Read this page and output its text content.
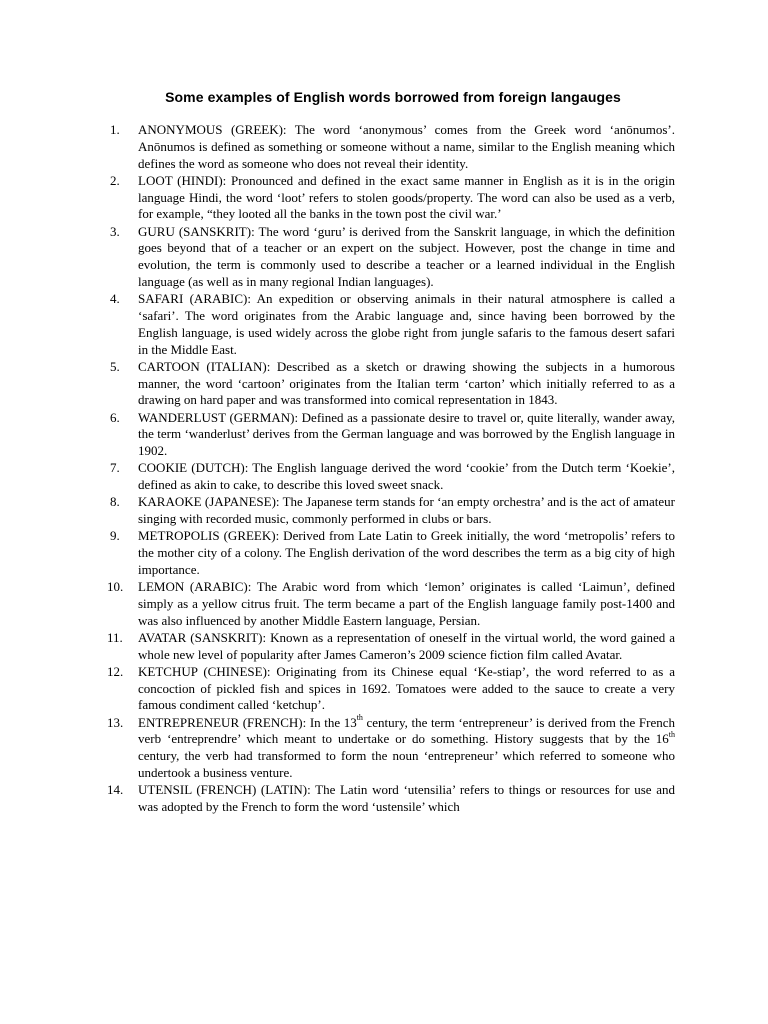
Some examples of English words borrowed from foreign langauges
1.	ANONYMOUS (GREEK): The word ‘anonymous’ comes from the Greek word ‘anōnumos’. Anōnumos is defined as something or someone without a name, similar to the English meaning which defines the word as someone who does not reveal their identity.
2.	LOOT (HINDI): Pronounced and defined in the exact same manner in English as it is in the origin language Hindi, the word ‘loot’ refers to stolen goods/property. The word can also be used as a verb, for example, “they looted all the banks in the town post the civil war.’
3.	GURU (SANSKRIT): The word ‘guru’ is derived from the Sanskrit language, in which the definition goes beyond that of a teacher or an expert on the subject. However, post the change in time and evolution, the term is commonly used to describe a teacher or a learned individual in the English language (as well as in many regional Indian languages).
4.	SAFARI (ARABIC): An expedition or observing animals in their natural atmosphere is called a ‘safari’. The word originates from the Arabic language and, since having been borrowed by the English language, is used widely across the globe right from jungle safaris to the famous desert safari in the Middle East.
5.	CARTOON (ITALIAN): Described as a sketch or drawing showing the subjects in a humorous manner, the word ‘cartoon’ originates from the Italian term ‘carton’ which initially referred to as a drawing on hard paper and was transformed into comical representation in 1843.
6.	WANDERLUST (GERMAN): Defined as a passionate desire to travel or, quite literally, wander away, the term ‘wanderlust’ derives from the German language and was borrowed by the English language in 1902.
7.	COOKIE (DUTCH): The English language derived the word ‘cookie’ from the Dutch term ‘Koekie’, defined as akin to cake, to describe this loved sweet snack.
8.	KARAOKE (JAPANESE): The Japanese term stands for ‘an empty orchestra’ and is the act of amateur singing with recorded music, commonly performed in clubs or bars.
9.	METROPOLIS (GREEK): Derived from Late Latin to Greek initially, the word ‘metropolis’ refers to the mother city of a colony. The English derivation of the word describes the term as a big city of high importance.
10.	LEMON (ARABIC): The Arabic word from which ‘lemon’ originates is called ‘Laimun’, defined simply as a yellow citrus fruit. The term became a part of the English language family post-1400 and was also influenced by another Middle Eastern language, Persian.
11.	AVATAR (SANSKRIT): Known as a representation of oneself in the virtual world, the word gained a whole new level of popularity after James Cameron’s 2009 science fiction film called Avatar.
12.	KETCHUP (CHINESE): Originating from its Chinese equal ‘Ke-stiap’, the word referred to as a concoction of pickled fish and spices in 1692. Tomatoes were added to the sauce to create a very famous condiment called ‘ketchup’.
13.	ENTREPRENEUR (FRENCH): In the 13th century, the term ‘entrepreneur’ is derived from the French verb ‘entreprendre’ which meant to undertake or do something. History suggests that by the 16th century, the verb had transformed to form the noun ‘entrepreneur’ which referred to someone who undertook a business venture.
14.	UTENSIL (FRENCH) (LATIN): The Latin word ‘utensilia’ refers to things or resources for use and was adopted by the French to form the word ‘ustensile’ which
